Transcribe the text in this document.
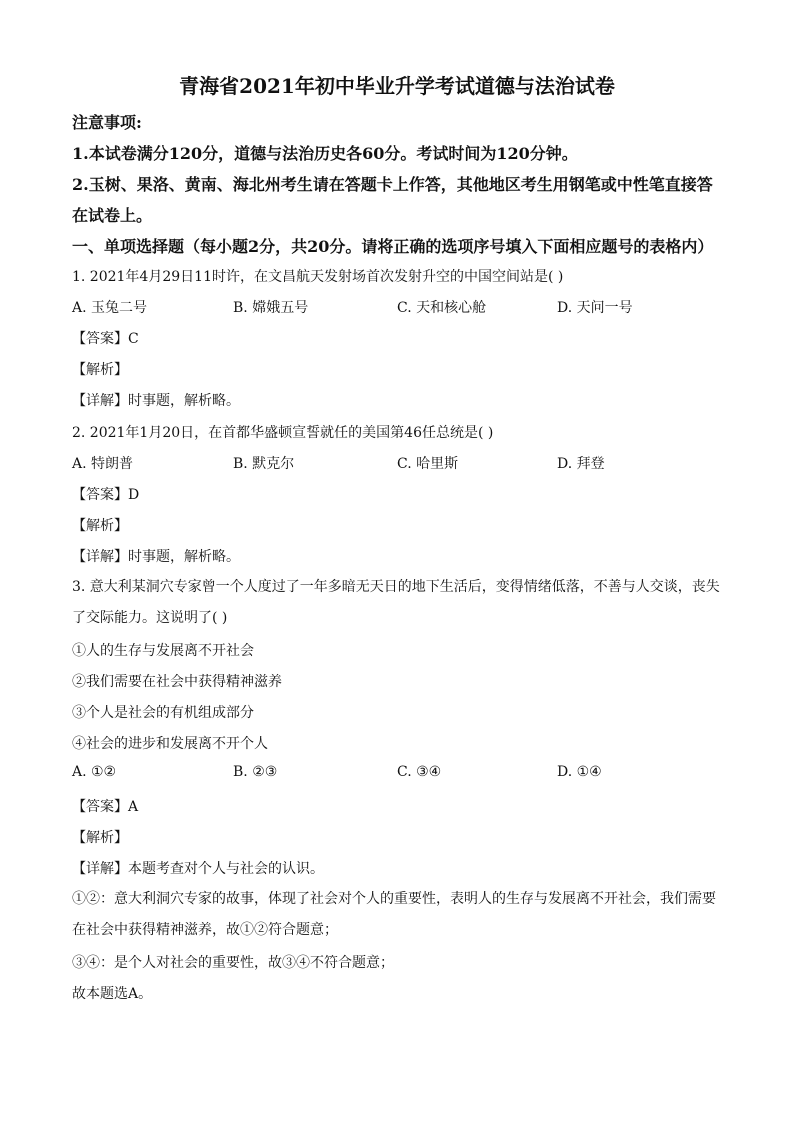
青海省2021年初中毕业升学考试道德与法治试卷
注意事项:
1.本试卷满分120分，道德与法治历史各60分。考试时间为120分钟。
2.玉树、果洛、黄南、海北州考生请在答题卡上作答，其他地区考生用钢笔或中性笔直接答
在试卷上。
一、单项选择题（每小题2分，共20分。请将正确的选项序号填入下面相应题号的表格内）
1. 2021年4月29日11时许，在文昌航天发射场首次发射升空的中国空间站是( )
A. 玉兔二号	B. 嫦娥五号	C. 天和核心舱	D. 天问一号
【答案】C
【解析】
【详解】时事题，解析略。
2. 2021年1月20日，在首都华盛顿宣誓就任的美国第46任总统是( )
A. 特朗普	B. 默克尔	C. 哈里斯	D. 拜登
【答案】D
【解析】
【详解】时事题，解析略。
3. 意大利某洞穴专家曾一个人度过了一年多暗无天日的地下生活后，变得情绪低落，不善与人交谈，丧失了交际能力。这说明了( )
①人的生存与发展离不开社会
②我们需要在社会中获得精神滋养
③个人是社会的有机组成部分
④社会的进步和发展离不开个人
A. ①②	B. ②③	C. ③④	D. ①④
【答案】A
【解析】
【详解】本题考查对个人与社会的认识。
①②：意大利洞穴专家的故事，体现了社会对个人的重要性，表明人的生存与发展离不开社会，我们需要在社会中获得精神滋养，故①②符合题意；
③④：是个人对社会的重要性，故③④不符合题意；
故本题选A。
